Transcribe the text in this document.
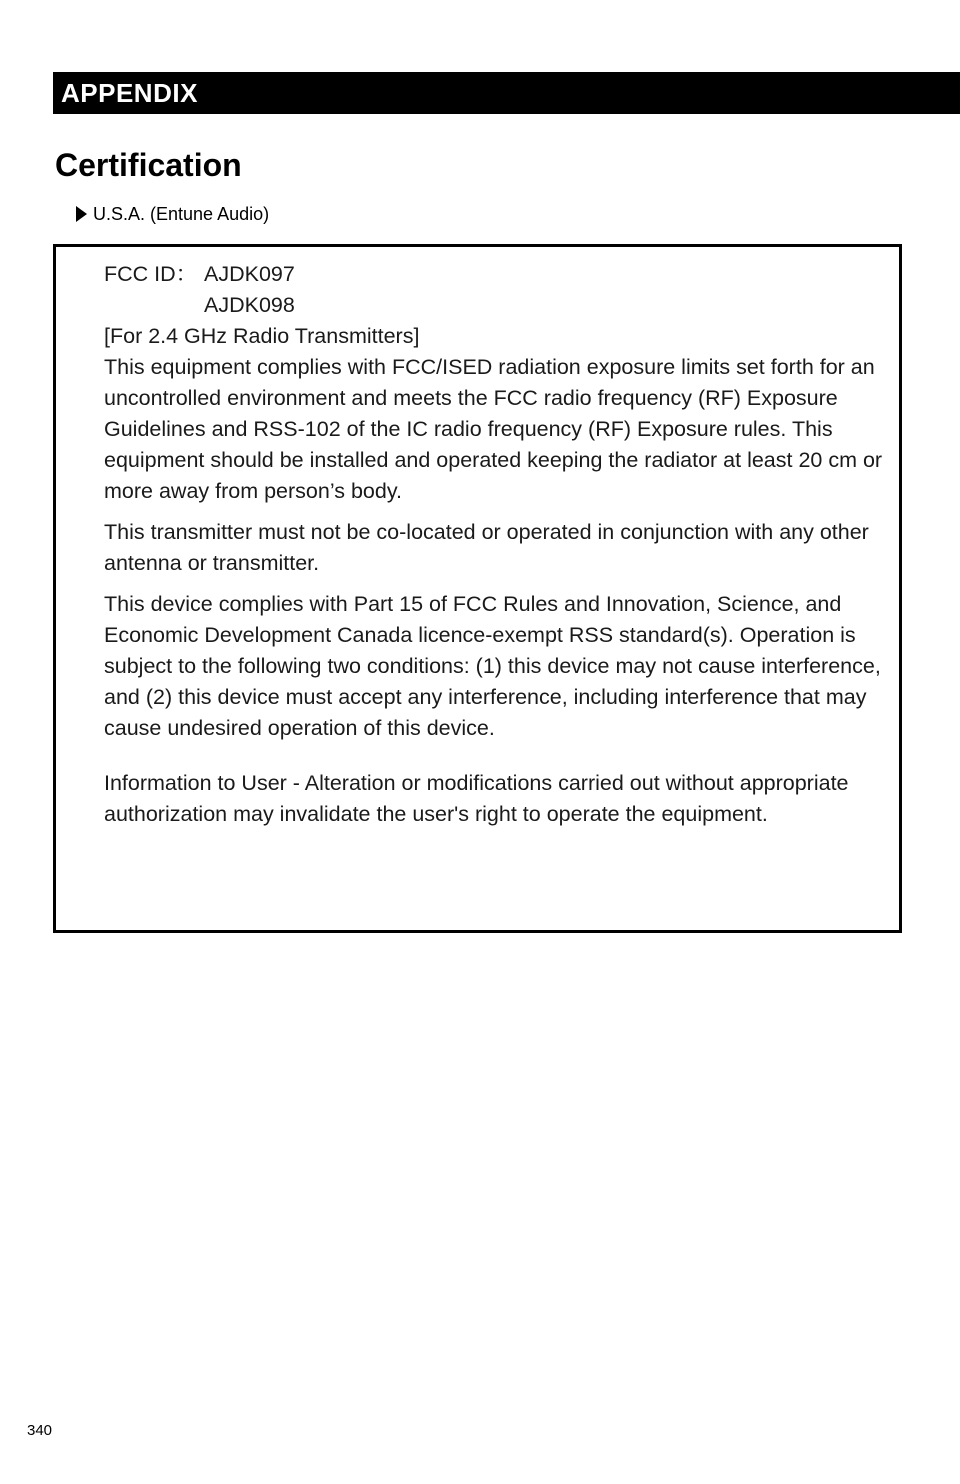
APPENDIX
Certification
U.S.A. (Entune Audio)
FCC ID： AJDK097
AJDK098

[For 2.4 GHz Radio Transmitters]

This equipment complies with FCC/ISED radiation exposure limits set forth for an uncontrolled environment and meets the FCC radio frequency (RF) Exposure Guidelines and RSS-102 of the IC radio frequency (RF) Exposure rules. This equipment should be installed and operated keeping the radiator at least 20 cm or more away from person’s body.

This transmitter must not be co-located or operated in conjunction with any other antenna or transmitter.

This device complies with Part 15 of FCC Rules and Innovation, Science, and Economic Development Canada licence-exempt RSS standard(s). Operation is subject to the following two conditions: (1) this device may not cause interference, and (2) this device must accept any interference, including interference that may cause undesired operation of this device.

Information to User - Alteration or modifications carried out without appropriate authorization may invalidate the user's right to operate the equipment.

340
